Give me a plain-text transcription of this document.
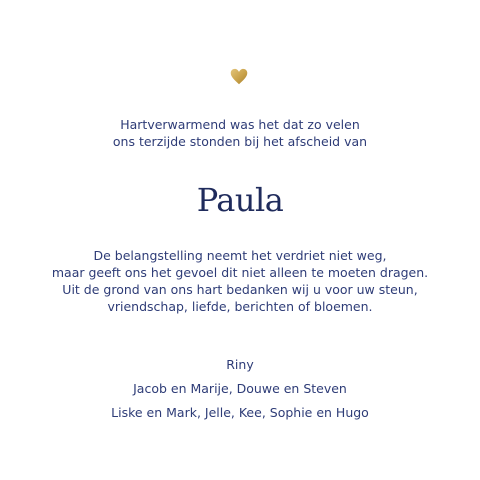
Hartverwarmend was het dat zo velen
ons terzijde stonden bij het afscheid van
Paula
De belangstelling neemt het verdriet niet weg,
maar geeft ons het gevoel dit niet alleen te moeten dragen.
Uit de grond van ons hart bedanken wij u voor uw steun,
vriendschap, liefde, berichten of bloemen.
Riny
Jacob en Marije, Douwe en Steven
Liske en Mark, Jelle, Kee, Sophie en Hugo
